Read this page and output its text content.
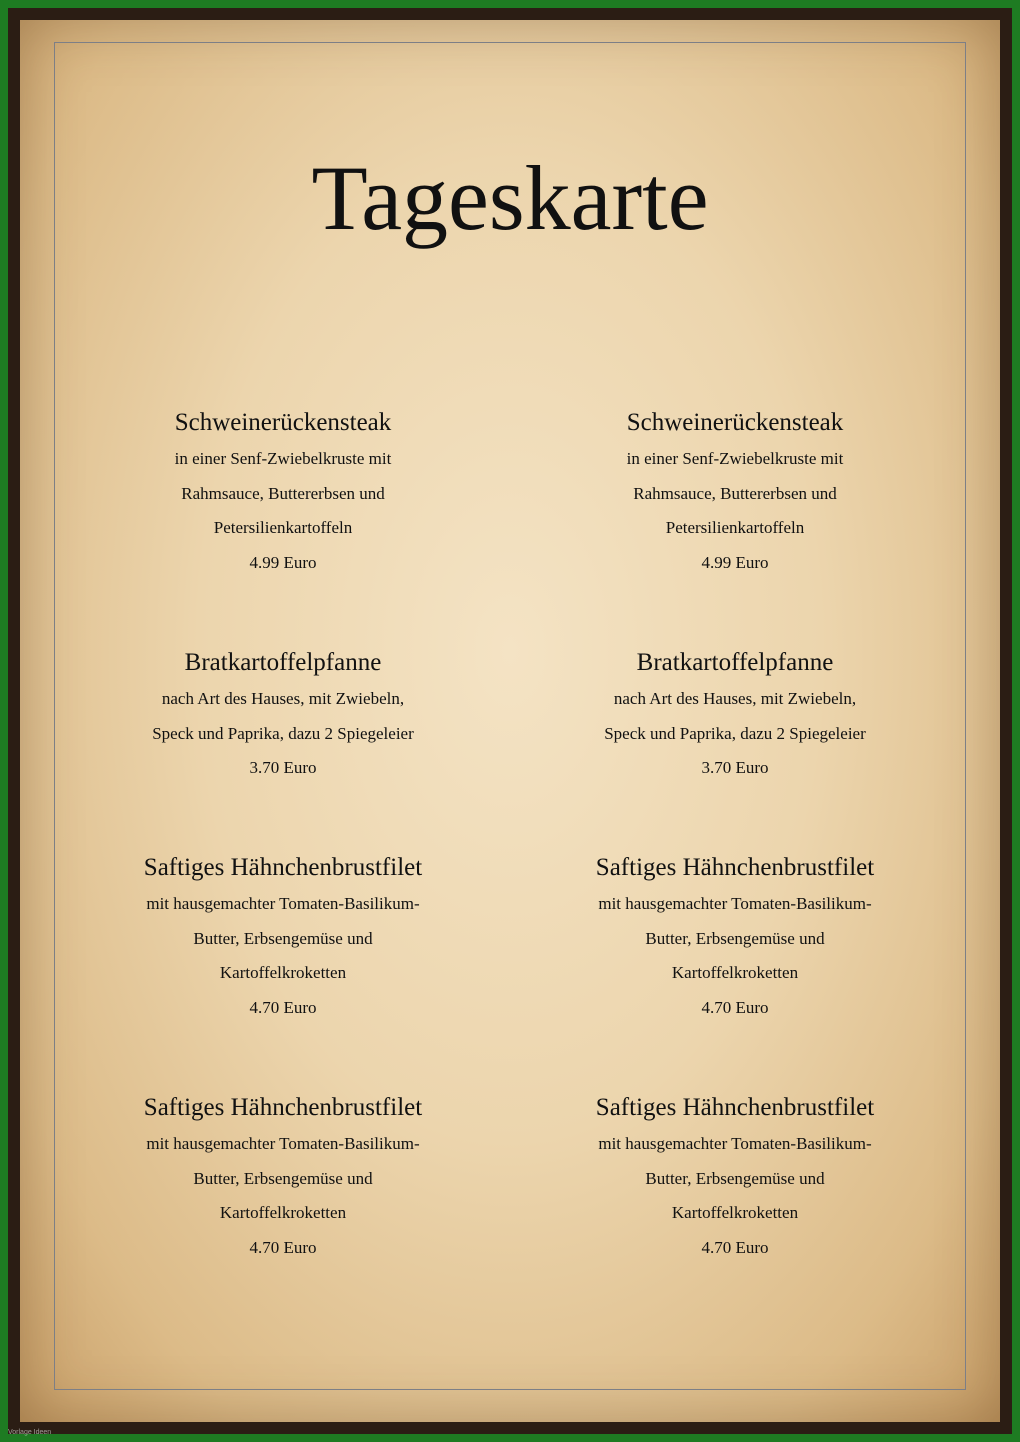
Tageskarte
Schweinerückensteak

in einer Senf-Zwiebelkruste mit

Rahmsauce, Buttererbsen und

Petersilienkartoffeln

4.99 Euro

Schweinerückensteak

in einer Senf-Zwiebelkruste mit

Rahmsauce, Buttererbsen und

Petersilienkartoffeln

4.99 Euro

Bratkartoffelpfanne

nach Art des Hauses, mit Zwiebeln,

Speck und Paprika, dazu 2 Spiegeleier

3.70 Euro

Bratkartoffelpfanne

nach Art des Hauses, mit Zwiebeln,

Speck und Paprika, dazu 2 Spiegeleier

3.70 Euro

Saftiges Hähnchenbrustfilet

mit hausgemachter Tomaten-Basilikum-

Butter, Erbsengemüse und

Kartoffelkroketten

4.70 Euro

Saftiges Hähnchenbrustfilet

mit hausgemachter Tomaten-Basilikum-

Butter, Erbsengemüse und

Kartoffelkroketten

4.70 Euro

Saftiges Hähnchenbrustfilet

mit hausgemachter Tomaten-Basilikum-

Butter, Erbsengemüse und

Kartoffelkroketten

4.70 Euro

Saftiges Hähnchenbrustfilet

mit hausgemachter Tomaten-Basilikum-

Butter, Erbsengemüse und

Kartoffelkroketten

4.70 Euro

Vorlage Ideen
